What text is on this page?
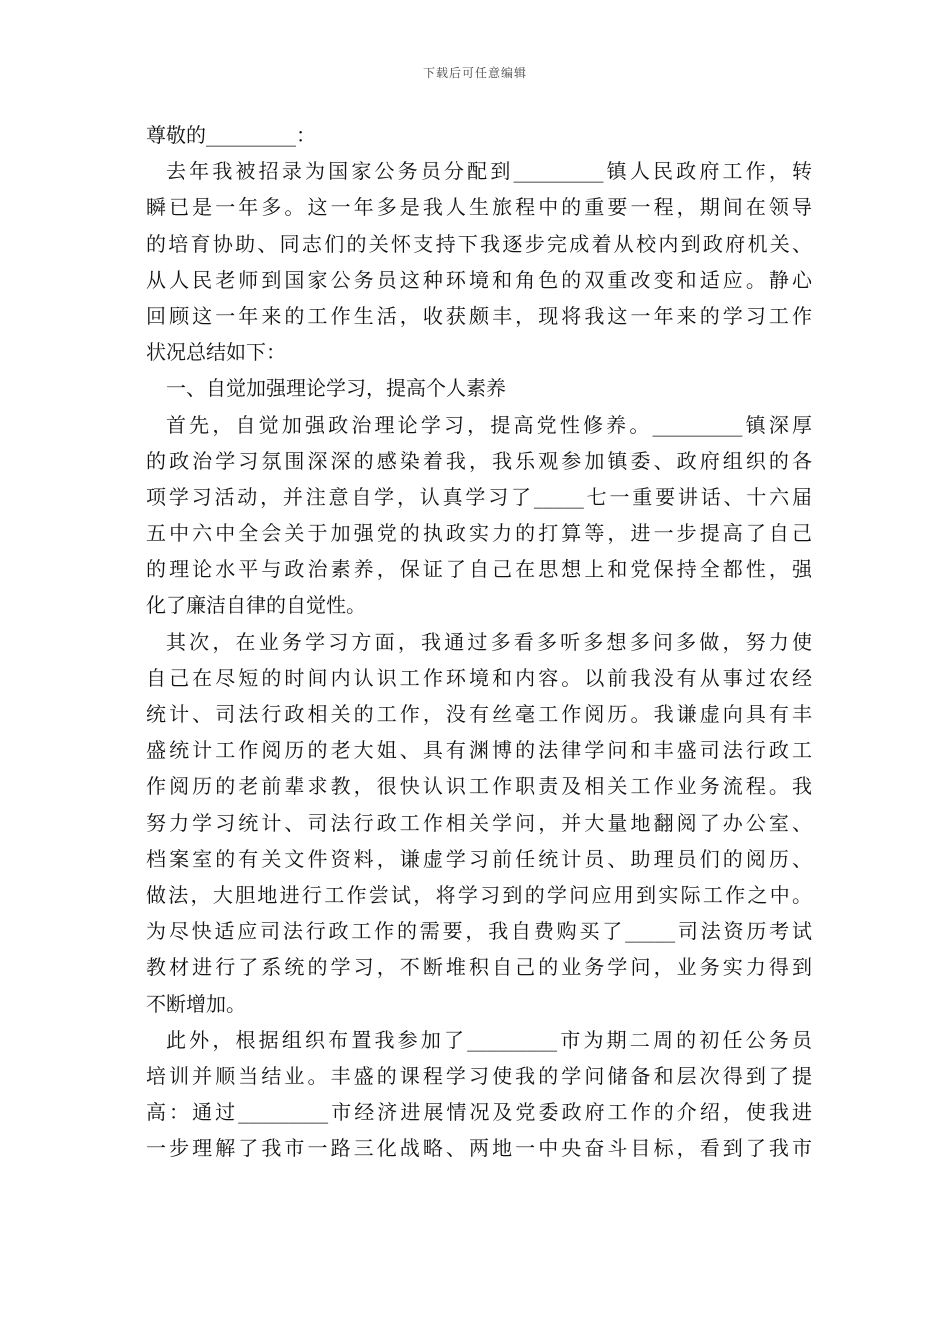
下载后可任意编辑
尊敬的_________：
去年我被招录为国家公务员分配到_________镇人民政府工作，转
瞬已是一年多。这一年多是我人生旅程中的重要一程，期间在领导
的培育协助、同志们的关怀支持下我逐步完成着从校内到政府机关、
从人民老师到国家公务员这种环境和角色的双重改变和适应。静心
回顾这一年来的工作生活，收获颇丰，现将我这一年来的学习工作
状况总结如下：
一、自觉加强理论学习，提高个人素养
首先，自觉加强政治理论学习，提高党性修养。_________镇深厚
的政治学习氛围深深的感染着我，我乐观参加镇委、政府组织的各
项学习活动，并注意自学，认真学习了_____七一重要讲话、十六届
五中六中全会关于加强党的执政实力的打算等，进一步提高了自己
的理论水平与政治素养，保证了自己在思想上和党保持全都性，强
化了廉洁自律的自觉性。
其次，在业务学习方面，我通过多看多听多想多问多做，努力使
自己在尽短的时间内认识工作环境和内容。以前我没有从事过农经
统计、司法行政相关的工作，没有丝毫工作阅历。我谦虚向具有丰
盛统计工作阅历的老大姐、具有渊博的法律学问和丰盛司法行政工
作阅历的老前辈求教，很快认识工作职责及相关工作业务流程。我
努力学习统计、司法行政工作相关学问，并大量地翻阅了办公室、
档案室的有关文件资料，谦虚学习前任统计员、助理员们的阅历、
做法，大胆地进行工作尝试，将学习到的学问应用到实际工作之中。
为尽快适应司法行政工作的需要，我自费购买了_____司法资历考试
教材进行了系统的学习，不断堆积自己的业务学问，业务实力得到
不断增加。
此外，根据组织布置我参加了_________市为期二周的初任公务员
培训并顺当结业。丰盛的课程学习使我的学问储备和层次得到了提
高：通过_________市经济进展情况及党委政府工作的介绍，使我进
一步理解了我市一路三化战略、两地一中央奋斗目标，看到了我市
